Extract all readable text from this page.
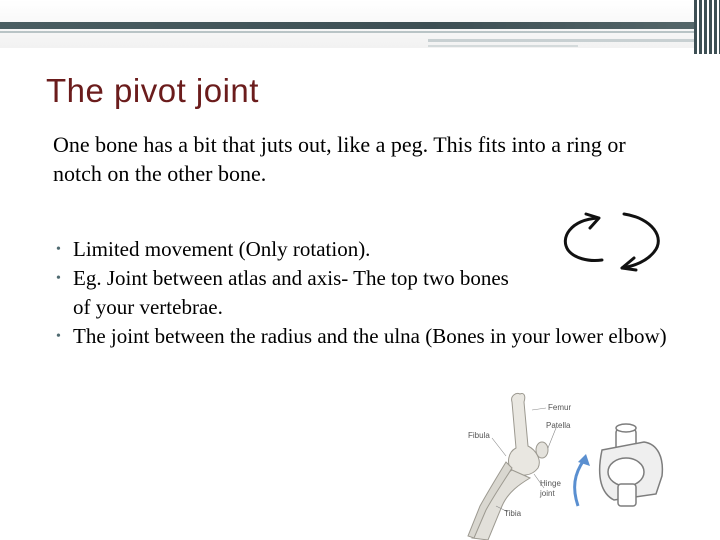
The pivot joint
One bone has a bit that juts out, like a peg. This fits into a ring or notch on the other bone.
• Limited movement (Only rotation).
• Eg. Joint between atlas and axis- The top two bones of your vertebrae.
• The joint between the radius and the ulna (Bones in your lower elbow)
Femur
Patella
Fibula
Hinge
joint
Tibia
